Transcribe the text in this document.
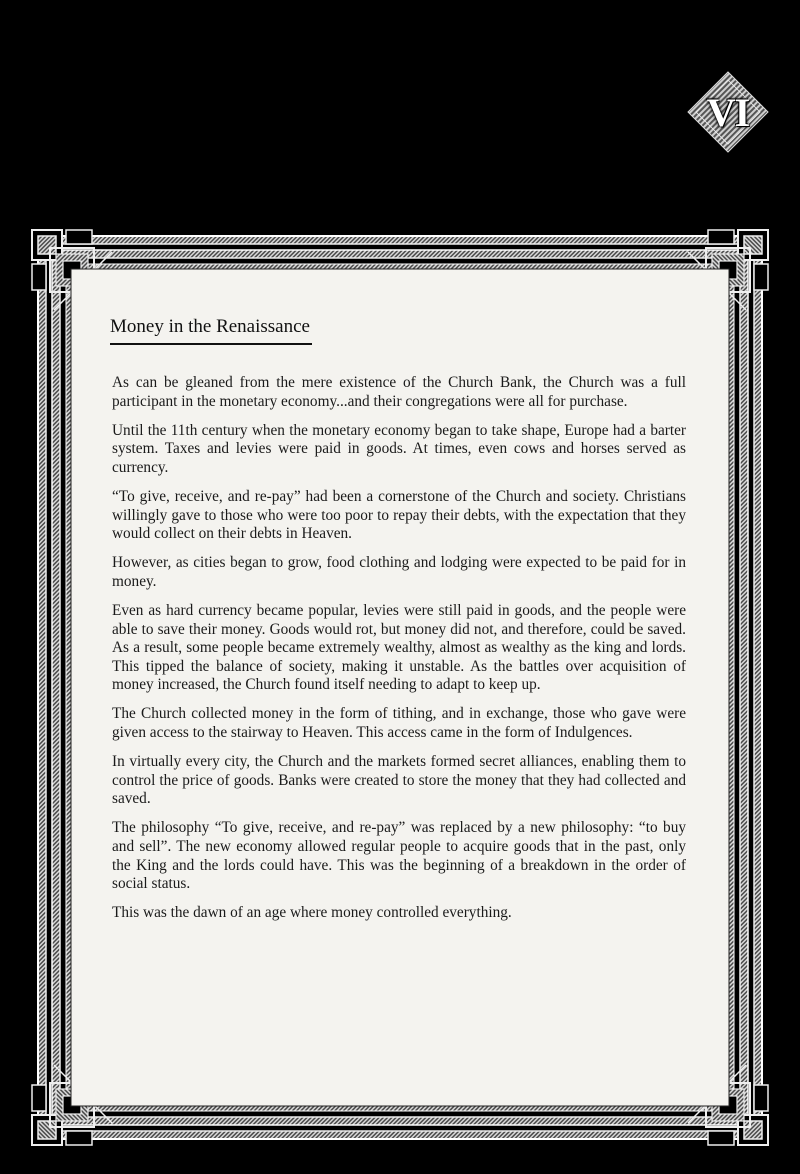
VI
Money in the Renaissance

As can be gleaned from the mere existence of the Church Bank, the Church was a full participant in the monetary economy...and their congregations were all for purchase.

Until the 11th century when the monetary economy began to take shape, Europe had a barter system. Taxes and levies were paid in goods. At times, even cows and horses served as currency.

“To give, receive, and re-pay” had been a cornerstone of the Church and society. Christians willingly gave to those who were too poor to repay their debts, with the expectation that they would collect on their debts in Heaven.

However, as cities began to grow, food clothing and lodging were expected to be paid for in money.

Even as hard currency became popular, levies were still paid in goods, and the people were able to save their money. Goods would rot, but money did not, and therefore, could be saved. As a result, some people became extremely wealthy, almost as wealthy as the king and lords. This tipped the balance of society, making it unstable. As the battles over acquisition of money increased, the Church found itself needing to adapt to keep up.

The Church collected money in the form of tithing, and in exchange, those who gave were given access to the stairway to Heaven. This access came in the form of Indulgences.

In virtually every city, the Church and the markets formed secret alliances, enabling them to control the price of goods. Banks were created to store the money that they had collected and saved.

The philosophy “To give, receive, and re-pay” was replaced by a new philosophy: “to buy and sell”. The new economy allowed regular people to acquire goods that in the past, only the King and the lords could have. This was the beginning of a breakdown in the order of social status.

This was the dawn of an age where money controlled everything.
